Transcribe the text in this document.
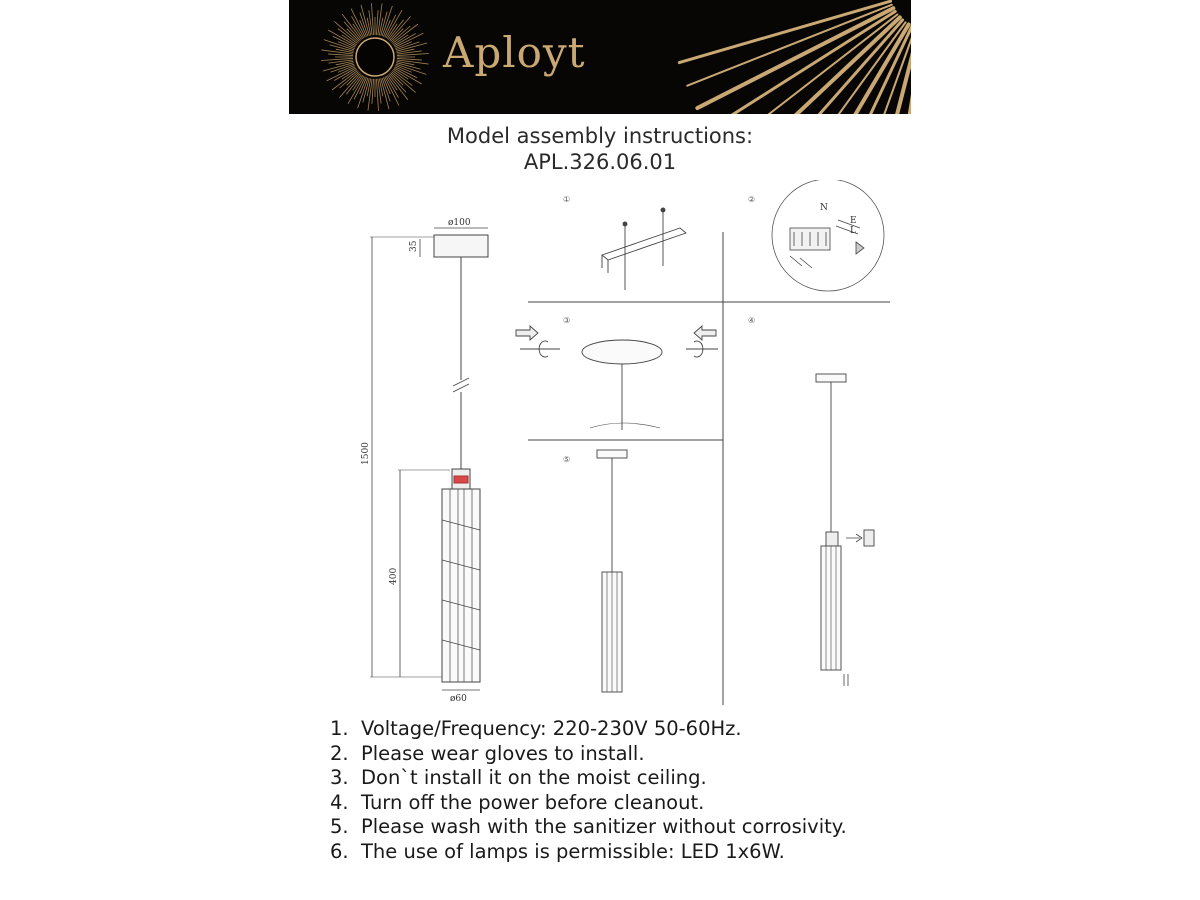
Aployt
Model assembly instructions:
APL.326.06.01
ø100
35
1500
400
ø60
①	②
N
E
L
③	④
⑤
1. Voltage/Frequency: 220-230V 50-60Hz.
2. Please wear gloves to install.
3. Don`t install it on the moist ceiling.
4. Turn off the power before cleanout.
5. Please wash with the sanitizer without corrosivity.
6. The use of lamps is permissible: LED 1x6W.
